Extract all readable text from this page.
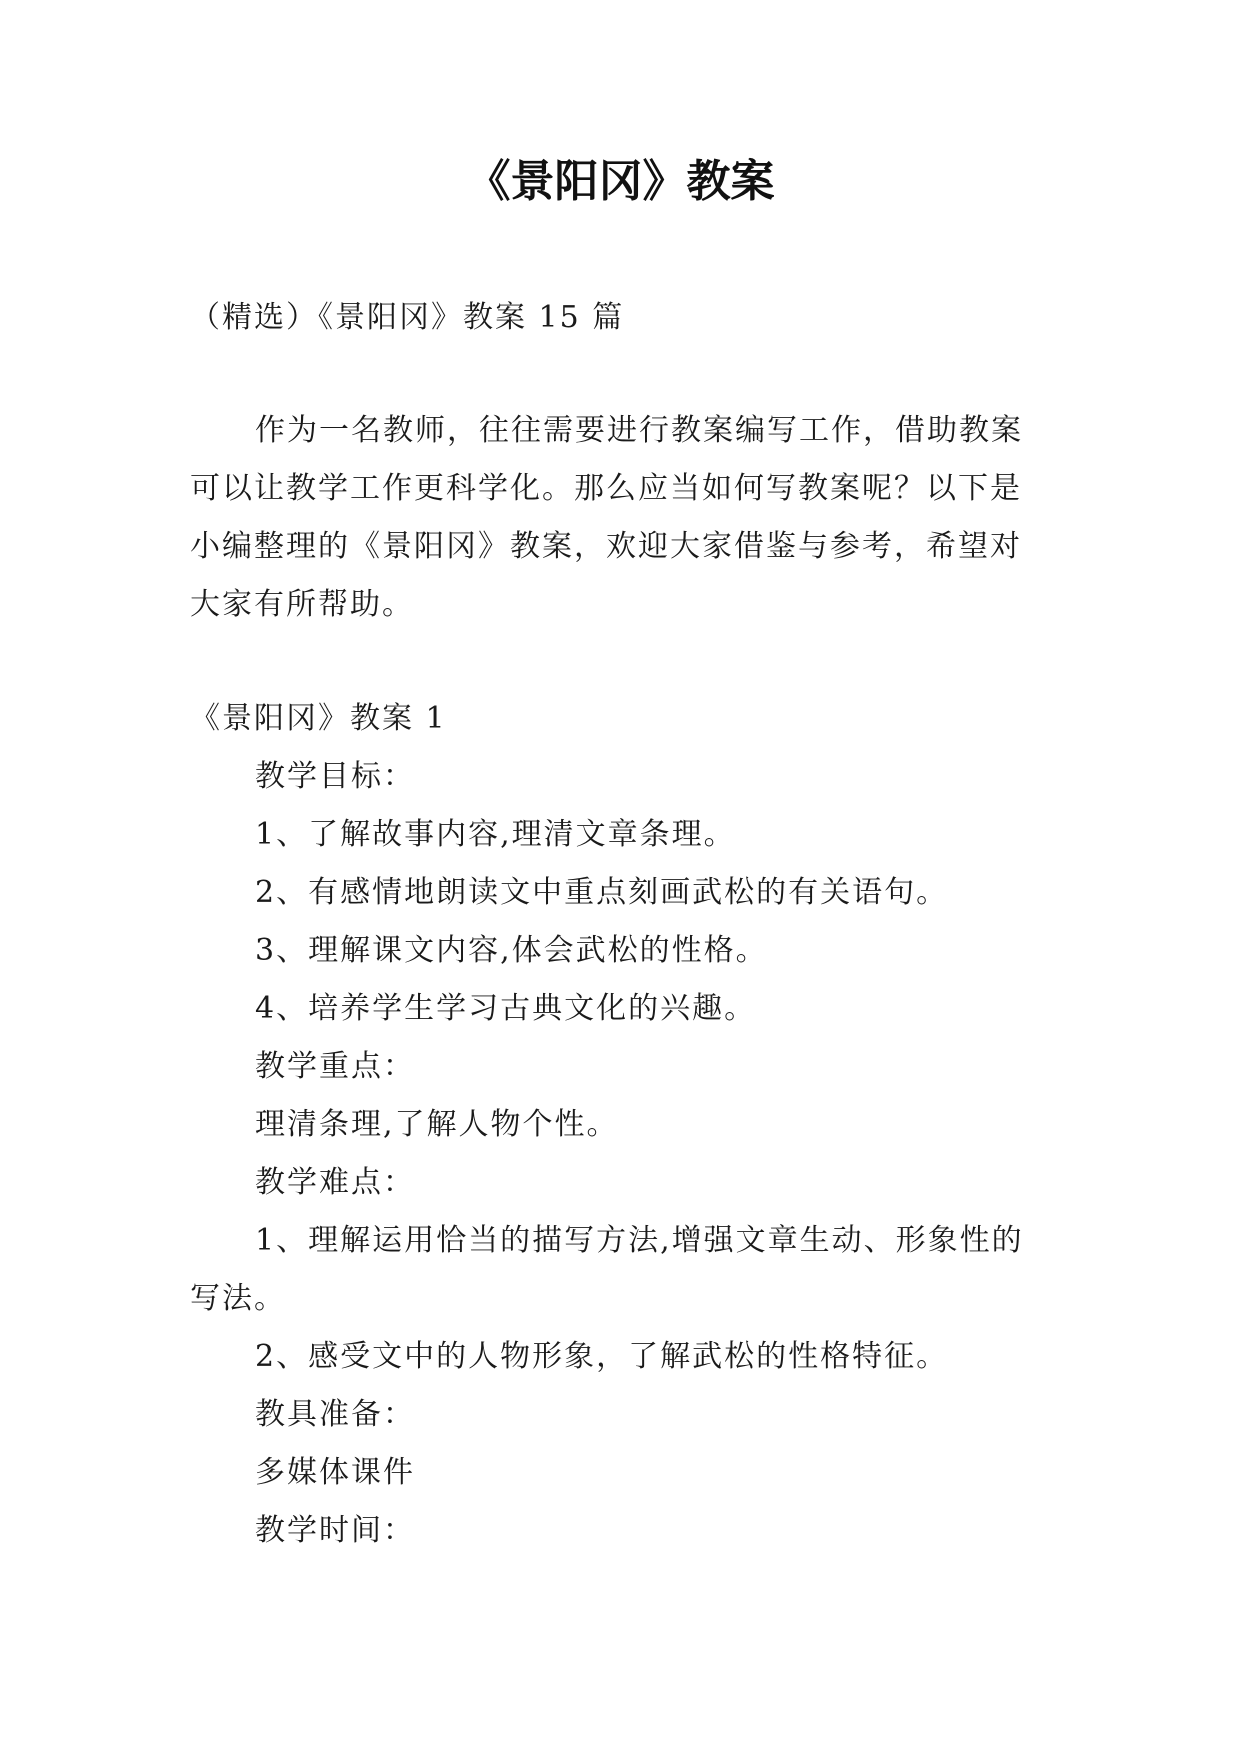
《景阳冈》教案
（精选）《景阳冈》教案 15 篇
作为一名教师，往往需要进行教案编写工作，借助教案
可以让教学工作更科学化。那么应当如何写教案呢？以下是
小编整理的《景阳冈》教案，欢迎大家借鉴与参考，希望对
大家有所帮助。
《景阳冈》教案 1
教学目标：
1、了解故事内容,理清文章条理。
2、有感情地朗读文中重点刻画武松的有关语句。
3、理解课文内容,体会武松的性格。
4、培养学生学习古典文化的兴趣。
教学重点：
理清条理,了解人物个性。
教学难点：
1、理解运用恰当的描写方法,增强文章生动、形象性的
写法。
2、感受文中的人物形象，了解武松的性格特征。
教具准备：
多媒体课件
教学时间：
